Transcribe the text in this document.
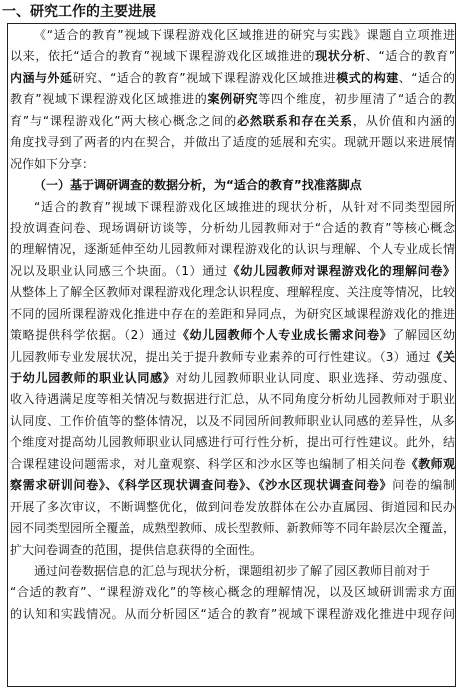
一、研究工作的主要进展
《“适合的教育”视域下课程游戏化区域推进的研究与实践》课题自立项推进
以来，依托“适合的教育”视域下课程游戏化区域推进的现状分析、“适合的教育”
内涵与外延研究、“适合的教育”视域下课程游戏化区域推进模式的构建、“适合的
教育”视域下课程游戏化区域推进的案例研究等四个维度，初步厘清了“适合的教
育”与“课程游戏化”两大核心概念之间的必然联系和存在关系，从价值和内涵的
角度找寻到了两者的内在契合，并做出了适度的延展和充实。现就开题以来进展情
况作如下分享：
（一）基于调研调查的数据分析，为“适合的教育”找准落脚点
“适合的教育”视域下课程游戏化区域推进的现状分析，从针对不同类型园所
投放调查问卷、现场调研访谈等，分析幼儿园教师对于“合适的教育”等核心概念
的理解情况，逐渐延伸至幼儿园教师对课程游戏化的认识与理解、个人专业成长情
况以及职业认同感三个块面。（1）通过《幼儿园教师对课程游戏化的理解问卷》
从整体上了解全区教师对课程游戏化理念认识程度、理解程度、关注度等情况，比较
不同的园所课程游戏化推进中存在的差距和异同点，为研究区域课程游戏化的推进
策略提供科学依据。（2）通过《幼儿园教师个人专业成长需求问卷》了解园区幼
儿园教师专业发展状况，提出关于提升教师专业素养的可行性建议。（3）通过《关
于幼儿园教师的职业认同感》对幼儿园教师职业认同度、职业选择、劳动强度、
收入待遇满足度等相关情况与数据进行汇总，从不同角度分析幼儿园教师对于职业
认同度、工作价值等的整体情况，以及不同园所间教师职业认同感的差异性，从多
个维度对提高幼儿园教师职业认同感进行可行性分析，提出可行性建议。此外，结
合课程建设问题需求，对儿童观察、科学区和沙水区等也编制了相关问卷《教师观
察需求研训问卷》、《科学区现状调查问卷》、《沙水区现状调查问卷》问卷的编制
开展了多次审议，不断调整优化，做到问卷发放群体在公办直属园、街道园和民办
园不同类型园所全覆盖，成熟型教师、成长型教师、新教师等不同年龄层次全覆盖，
扩大问卷调查的范围，提供信息获得的全面性。
通过问卷数据信息的汇总与现状分析，课题组初步了解了园区教师目前对于
“合适的教育”、“课程游戏化”的等核心概念的理解情况，以及区域研训需求方面
的认知和实践情况。从而分析园区“适合的教育”视域下课程游戏化推进中现存问
